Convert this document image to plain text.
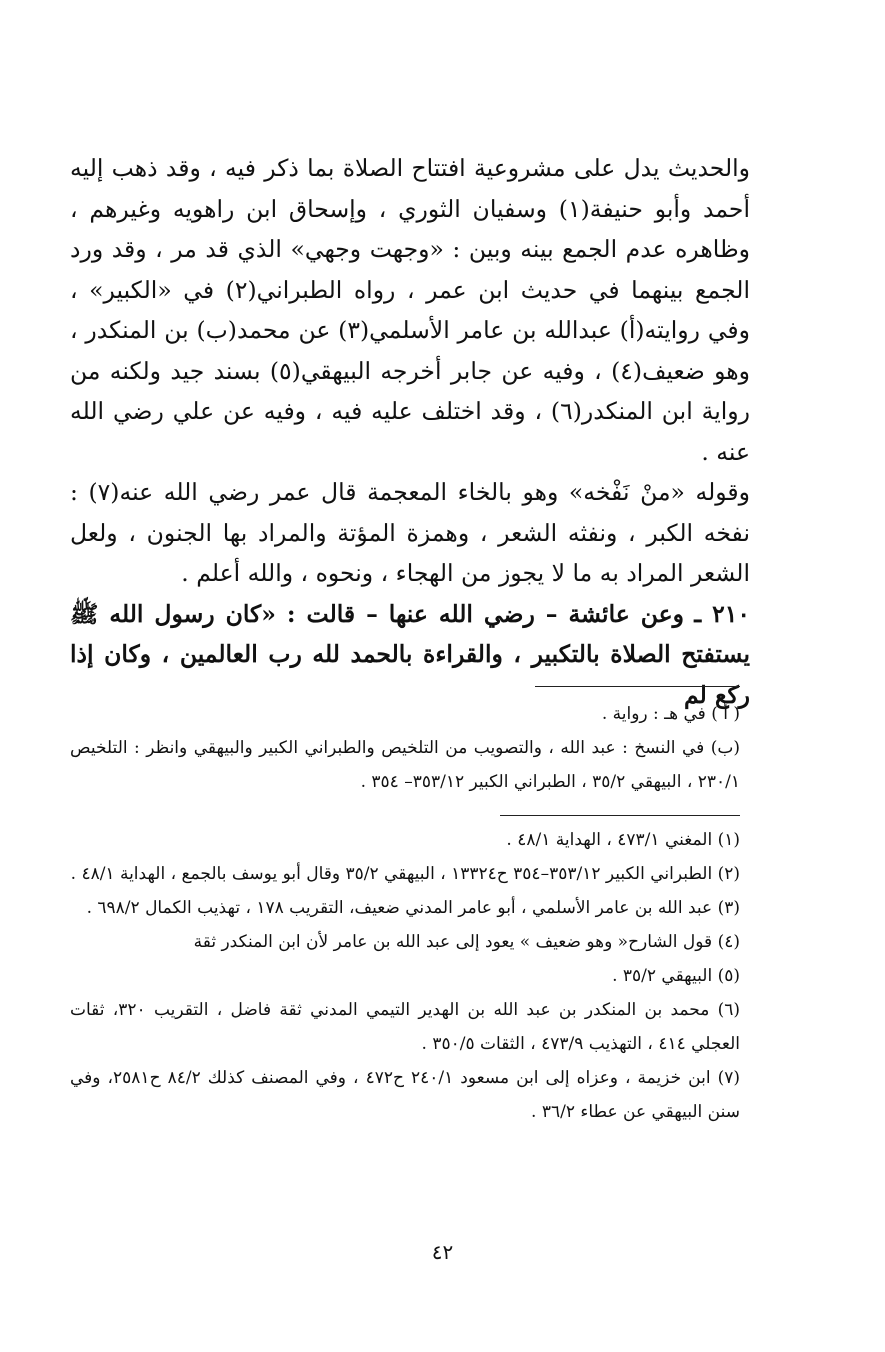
والحديث يدل على مشروعية افتتاح الصلاة بما ذكر فيه ، وقد ذهب إليه أحمد وأبو حنيفة(١) وسفيان الثوري ، وإسحاق ابن راهويه وغيرهم ، وظاهره عدم الجمع بينه وبين : «وجهت وجهي» الذي قد مر ، وقد ورد الجمع بينهما في حديث ابن عمر ، رواه الطبراني(٢) في «الكبير» ، وفي روايته(أ) عبدالله بن عامر الأسلمي(٣) عن محمد(ب) بن المنكدر ، وهو ضعيف(٤) ، وفيه عن جابر أخرجه البيهقي(٥) بسند جيد ولكنه من رواية ابن المنكدر(٦) ، وقد اختلف عليه فيه ، وفيه عن علي رضي الله عنه .

وقوله «منْ نَفْخه» وهو بالخاء المعجمة قال عمر رضي الله عنه(٧) : نفخه الكبر ، ونفثه الشعر ، وهمزة المؤتة والمراد بها الجنون ، ولعل الشعر المراد به ما لا يجوز من الهجاء ، ونحوه ، والله أعلم .

٢١٠ ـ وعن عائشة – رضي الله عنها – قالت : «كان رسول الله ﷺ يستفتح الصلاة بالتكبير ، والقراءة بالحمد لله رب العالمين ، وكان إذا ركع لم

( أ ) في هـ : رواية .

(ب) في النسخ : عبد الله ، والتصويب من التلخيص والطبراني الكبير والبيهقي وانظر : التلخيص ٢٣٠/١ ، البيهقي ٣٥/٢ ، الطبراني الكبير ٣٥٣/١٢– ٣٥٤ .

(١) المغني ٤٧٣/١ ، الهداية ٤٨/١ .

(٢) الطبراني الكبير ٣٥٣/١٢–٣٥٤ ح١٣٣٢٤ ، البيهقي ٣٥/٢ وقال أبو يوسف بالجمع ، الهداية ٤٨/١ .

(٣) عبد الله بن عامر الأسلمي ، أبو عامر المدني ضعيف، التقريب ١٧٨ ، تهذيب الكمال ٦٩٨/٢ .

(٤) قول الشارح« وهو ضعيف » يعود إلى عبد الله بن عامر لأن ابن المنكدر ثقة

(٥) البيهقي ٣٥/٢ .

(٦) محمد بن المنكدر بن عبد الله بن الهدير التيمي المدني ثقة فاضل ، التقريب ٣٢٠، ثقات العجلي ٤١٤ ، التهذيب ٤٧٣/٩ ، الثقات ٣٥٠/٥ .

(٧) ابن خزيمة ، وعزاه إلى ابن مسعود ٢٤٠/١ ح٤٧٢ ، وفي المصنف كذلك ٨٤/٢ ح٢٥٨١، وفي سنن البيهقي عن عطاء ٣٦/٢ .

٤٢
